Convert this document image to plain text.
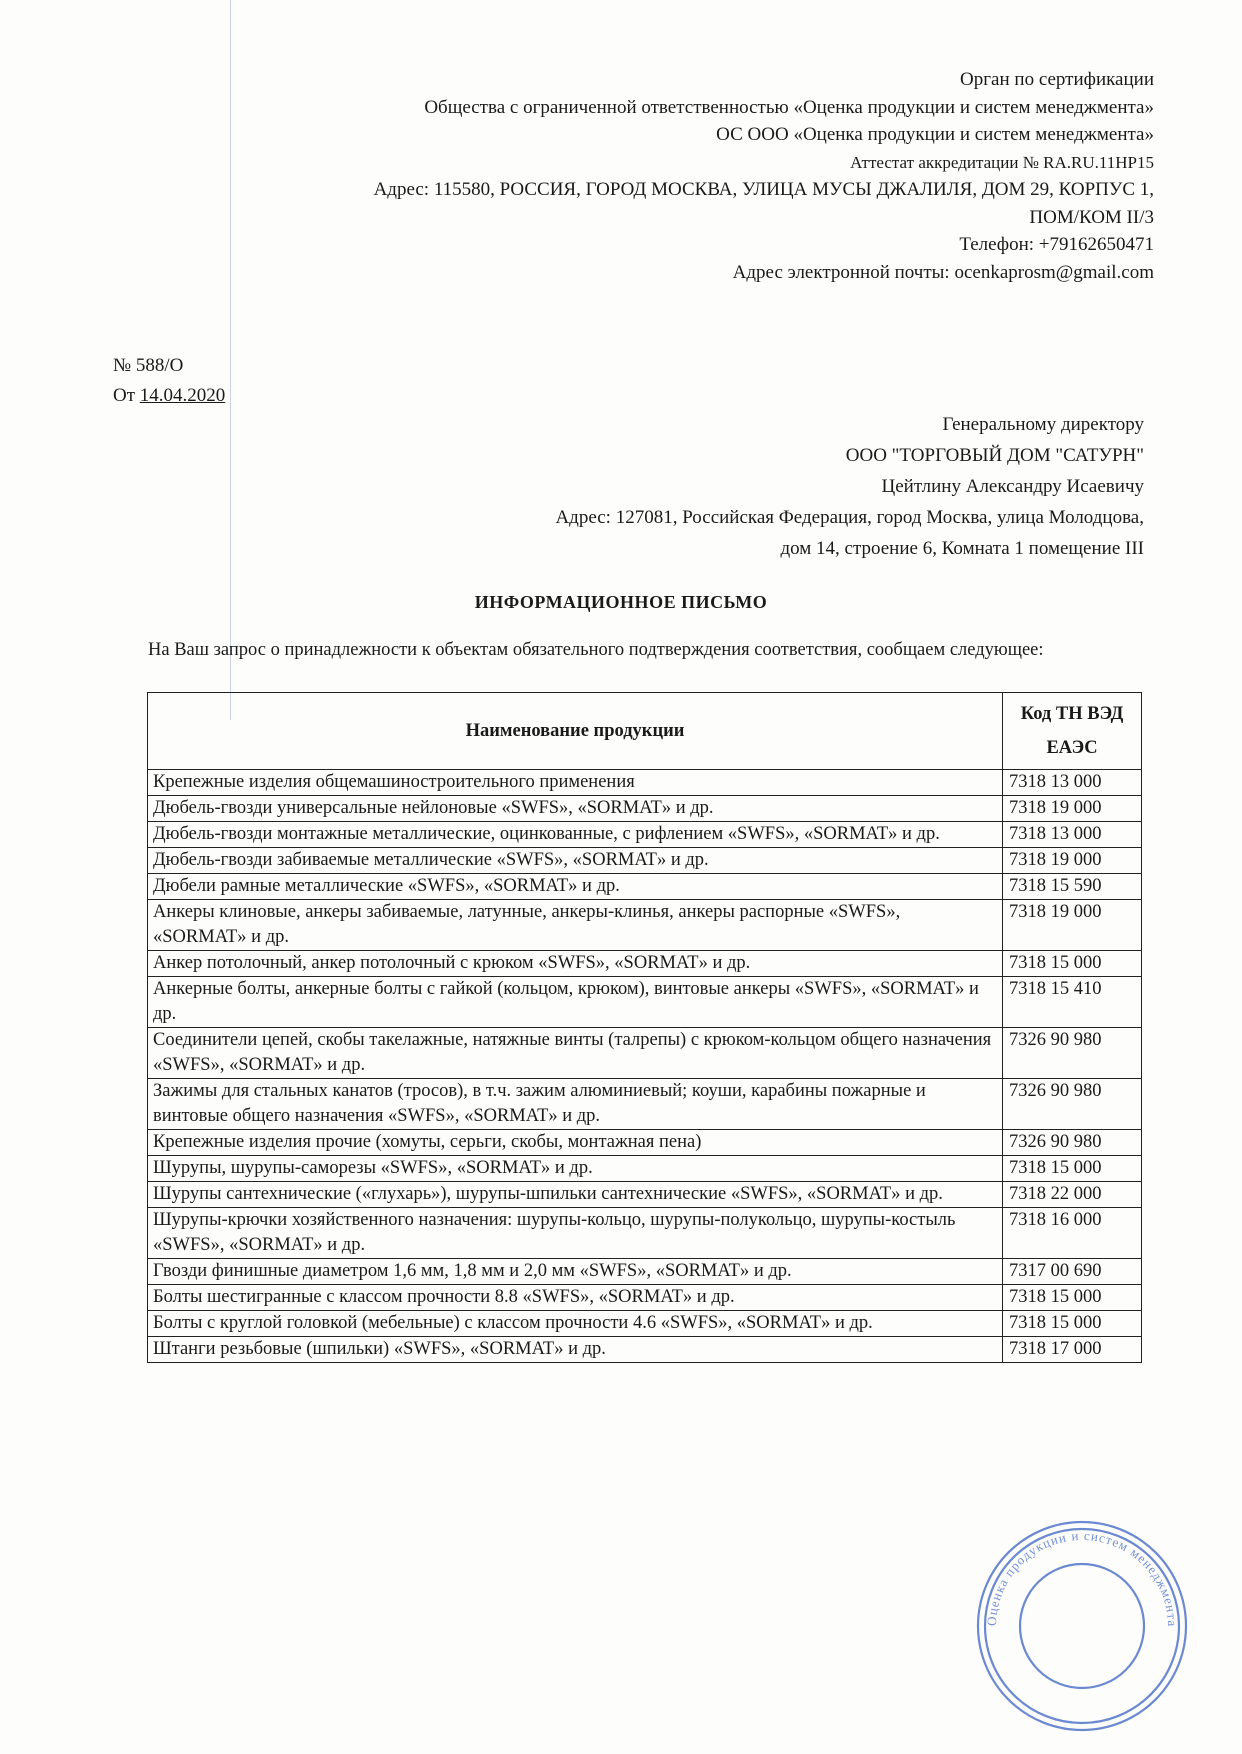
Орган по сертификации
Общества с ограниченной ответственностью «Оценка продукции и систем менеджмента»
ОС ООО «Оценка продукции и систем менеджмента»
Аттестат аккредитации № RA.RU.11НР15
Адрес: 115580, РОССИЯ, ГОРОД МОСКВА, УЛИЦА МУСЫ ДЖАЛИЛЯ, ДОМ 29, КОРПУС 1,
ПОМ/КОМ II/3
Телефон: +79162650471
Адрес электронной почты: ocenkaprosm@gmail.com
№ 588/О
От 14.04.2020
Генеральному директору
ООО "ТОРГОВЫЙ ДОМ "САТУРН"
Цейтлину Александру Исаевичу
Адрес: 127081, Российская Федерация, город Москва, улица Молодцова,
дом 14, строение 6, Комната 1 помещение III
ИНФОРМАЦИОННОЕ ПИСЬМО
На Ваш запрос о принадлежности к объектам обязательного подтверждения соответствия, сообщаем следующее:
Наименование продукции	Код ТН ВЭД
ЕАЭС
Крепежные изделия общемашиностроительного применения	7318 13 000
Дюбель-гвозди универсальные нейлоновые «SWFS», «SORMAT» и др.	7318 19 000
Дюбель-гвозди монтажные металлические, оцинкованные, с рифлением «SWFS», «SORMAT» и др.	7318 13 000
Дюбель-гвозди забиваемые металлические «SWFS», «SORMAT» и др.	7318 19 000
Дюбели рамные металлические «SWFS», «SORMAT» и др.	7318 15 590
Анкеры клиновые, анкеры забиваемые, латунные, анкеры-клинья, анкеры распорные «SWFS», «SORMAT» и др.	7318 19 000
Анкер потолочный, анкер потолочный с крюком «SWFS», «SORMAT» и др.	7318 15 000
Анкерные болты, анкерные болты с гайкой (кольцом, крюком), винтовые анкеры «SWFS», «SORMAT» и др.	7318 15 410
Соединители цепей, скобы такелажные, натяжные винты (талрепы) с крюком-кольцом общего назначения «SWFS», «SORMAT» и др.	7326 90 980
Зажимы для стальных канатов (тросов), в т.ч. зажим алюминиевый; коуши, карабины пожарные и винтовые общего назначения «SWFS», «SORMAT» и др.	7326 90 980
Крепежные изделия прочие (хомуты, серьги, скобы, монтажная пена)	7326 90 980
Шурупы, шурупы-саморезы «SWFS», «SORMAT» и др.	7318 15 000
Шурупы сантехнические («глухарь»), шурупы-шпильки сантехнические «SWFS», «SORMAT» и др.	7318 22 000
Шурупы-крючки хозяйственного назначения: шурупы-кольцо, шурупы-полукольцо, шурупы-костыль «SWFS», «SORMAT» и др.	7318 16 000
Гвозди финишные диаметром 1,6 мм, 1,8 мм и 2,0 мм «SWFS», «SORMAT» и др.	7317 00 690
Болты шестигранные с классом прочности 8.8 «SWFS», «SORMAT» и др.	7318 15 000
Болты с круглой головкой (мебельные) с классом прочности 4.6 «SWFS», «SORMAT» и др.	7318 15 000
Штанги резьбовые (шпильки) «SWFS», «SORMAT» и др.	7318 17 000
Оценка продукции и систем менеджмента
